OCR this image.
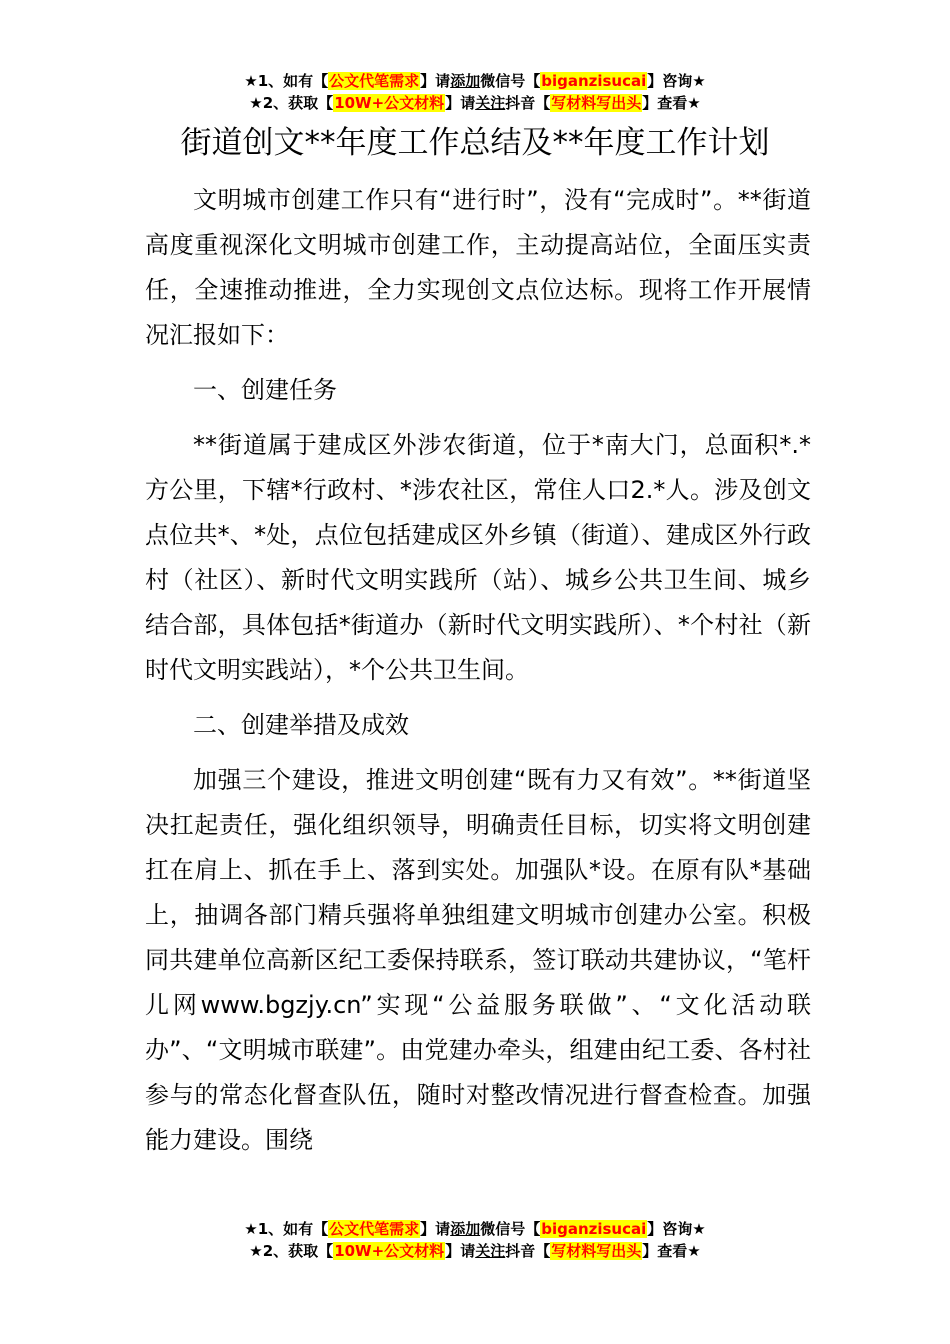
★1、如有【公文代笔需求】请添加微信号【biganzisucai】咨询★
★2、获取【10W+公文材料】请关注抖音【写材料写出头】查看★
街道创文**年度工作总结及**年度工作计划

文明城市创建工作只有“进行时”，没有“完成时”。**街道高度重视深化文明城市创建工作，主动提高站位，全面压实责任，全速推动推进，全力实现创文点位达标。现将工作开展情况汇报如下：

一、创建任务

**街道属于建成区外涉农街道，位于*南大门，总面积*.*方公里，下辖*行政村、*涉农社区，常住人口2.*人。涉及创文点位共*、*处，点位包括建成区外乡镇（街道）、建成区外行政村（社区）、新时代文明实践所（站）、城乡公共卫生间、城乡结合部，具体包括*街道办（新时代文明实践所）、*个村社（新时代文明实践站），*个公共卫生间。

二、创建举措及成效

加强三个建设，推进文明创建“既有力又有效”。**街道坚决扛起责任，强化组织领导，明确责任目标，切实将文明创建扛在肩上、抓在手上、落到实处。加强队*设。在原有队*基础上，抽调各部门精兵强将单独组建文明城市创建办公室。积极同共建单位高新区纪工委保持联系，签订联动共建协议，“笔杆儿网www.bgzjy.cn”实现“公益服务联做”、“文化活动联办”、“文明城市联建”。由党建办牵头，组建由纪工委、各村社参与的常态化督查队伍，随时对整改情况进行督查检查。加强能力建设。围绕

★1、如有【公文代笔需求】请添加微信号【biganzisucai】咨询★
★2、获取【10W+公文材料】请关注抖音【写材料写出头】查看★
